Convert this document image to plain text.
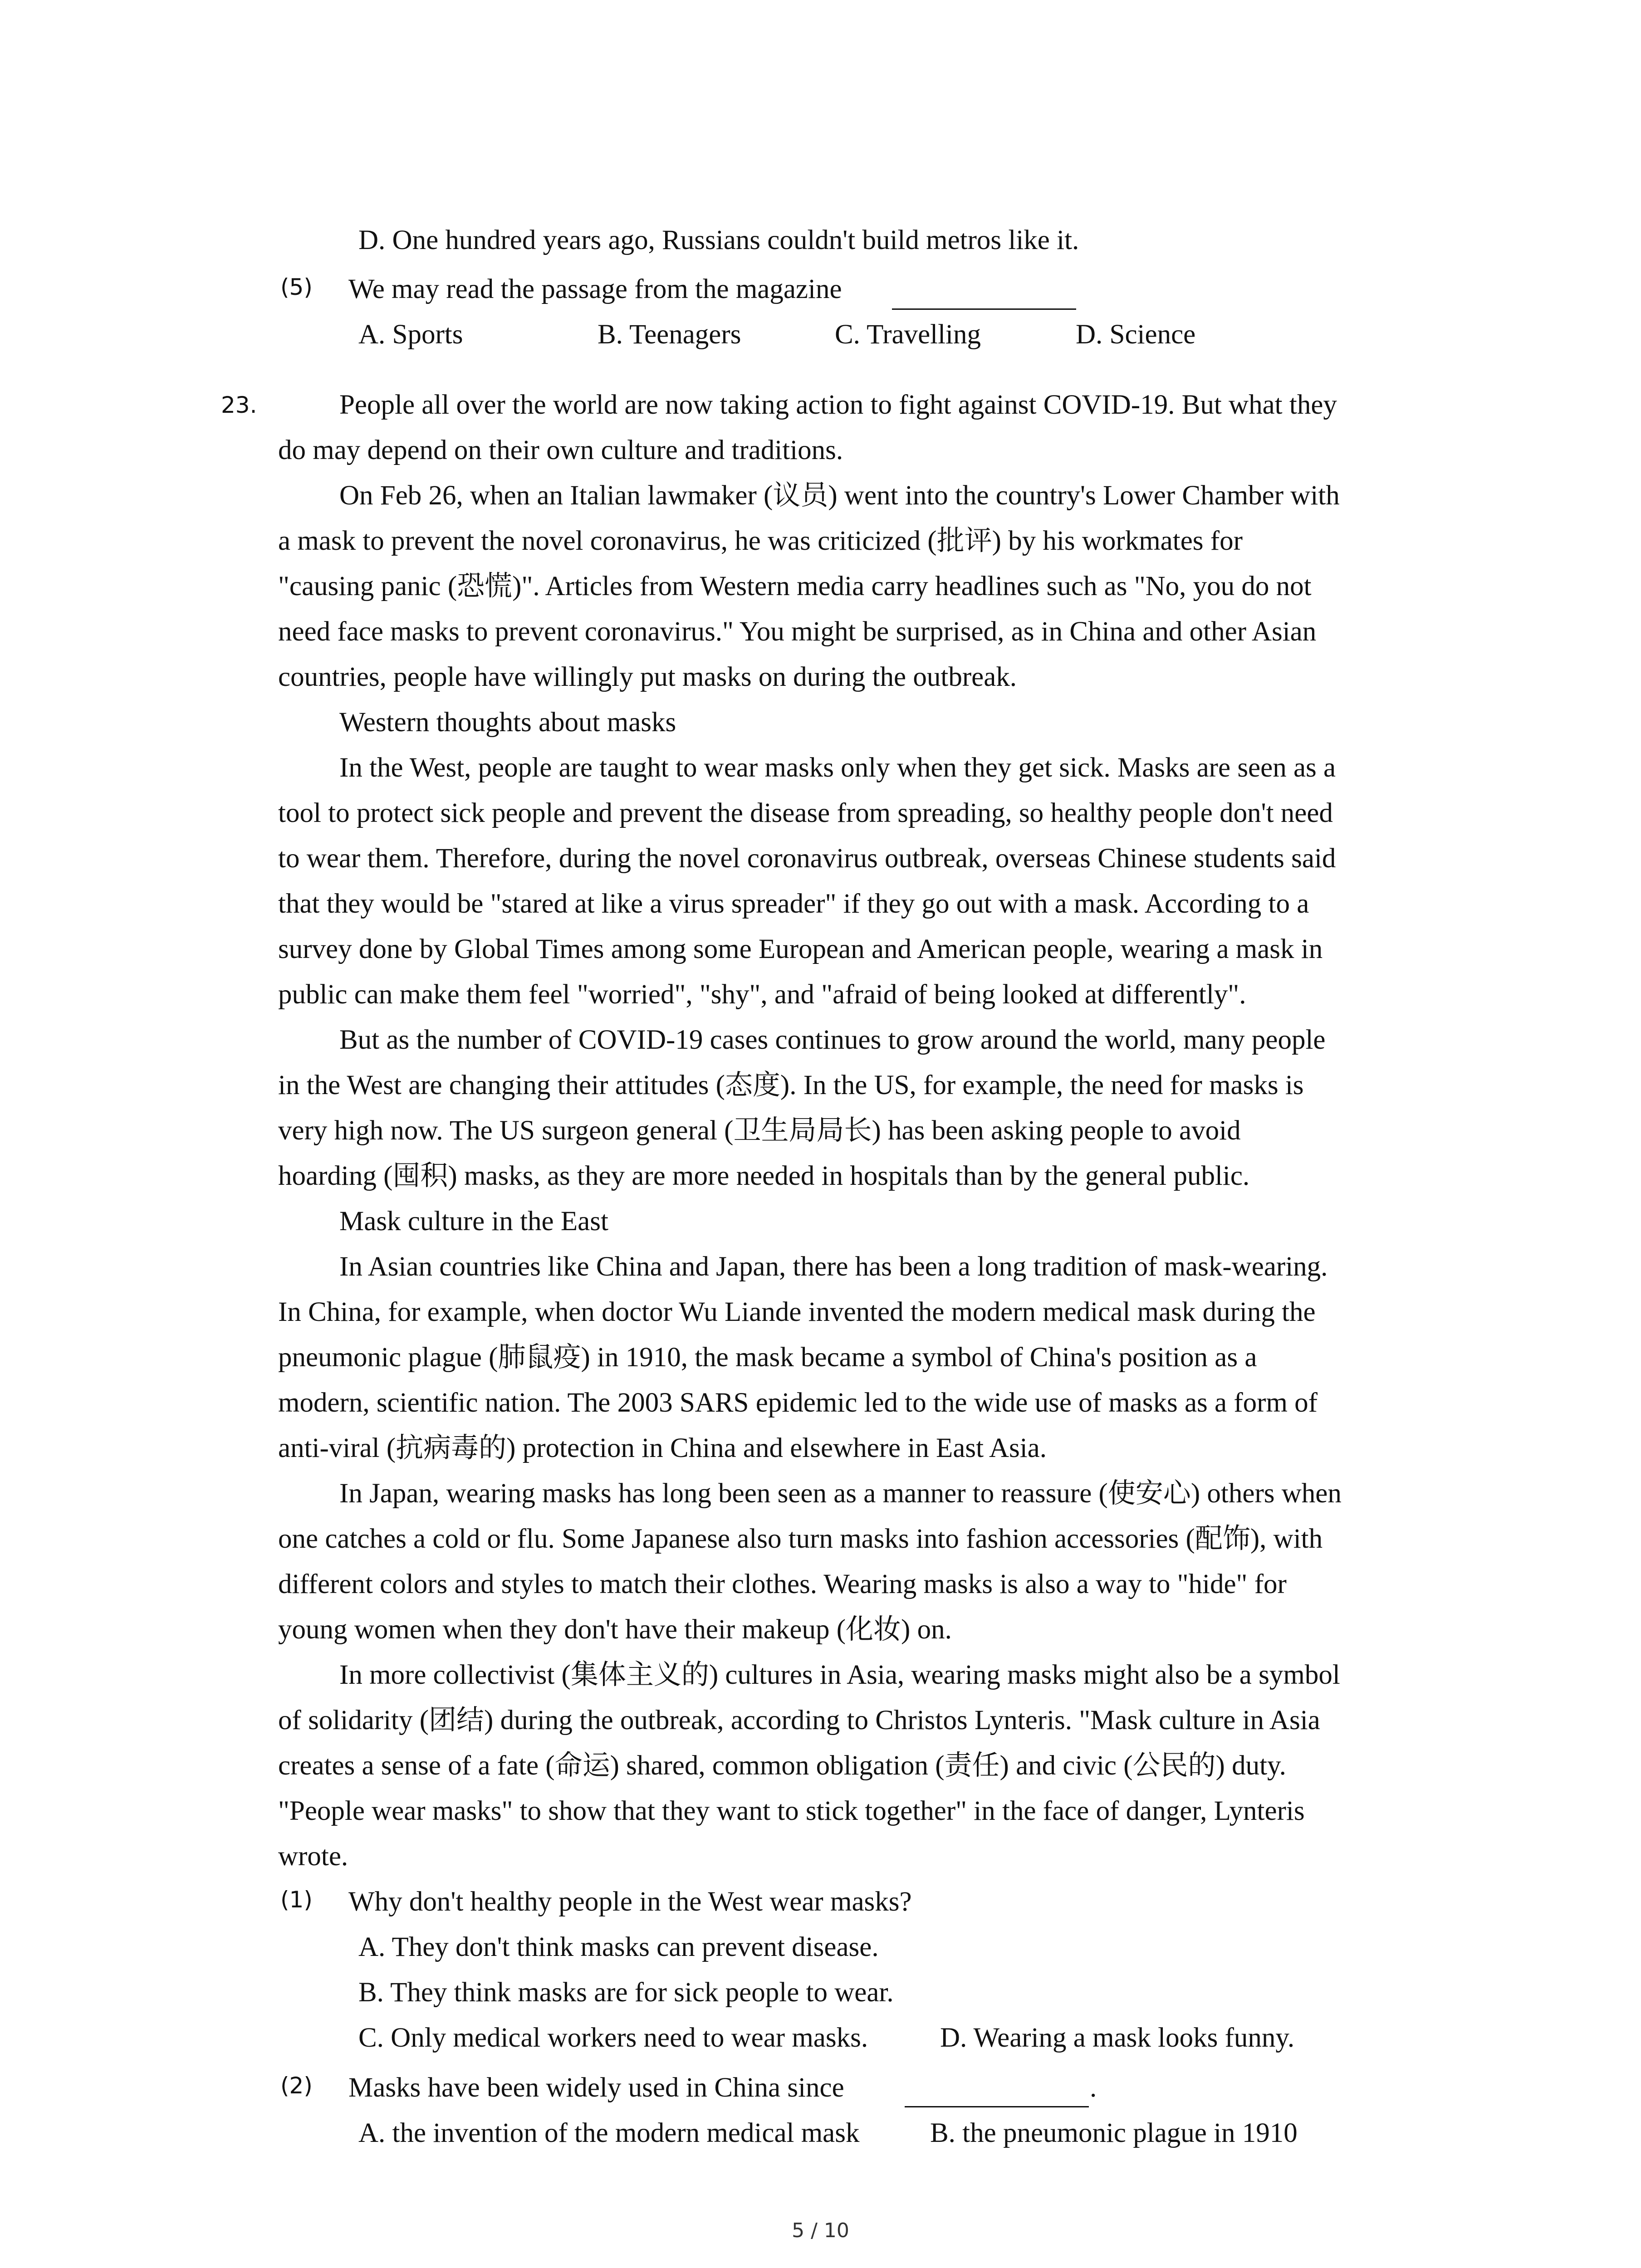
D. One hundred years ago, Russians couldn't build metros like it.
(5) We may read the passage from the magazine
A. Sports	B. Teenagers	C. Travelling	D. Science
23.	People all over the world are now taking action to fight against COVID-19. But what they
do may depend on their own culture and traditions.
On Feb 26, when an Italian lawmaker (议员) went into the country's Lower Chamber with
a mask to prevent the novel coronavirus, he was criticized (批评) by his workmates for
"causing panic (恐慌)". Articles from Western media carry headlines such as "No, you do not
need face masks to prevent coronavirus." You might be surprised, as in China and other Asian
countries, people have willingly put masks on during the outbreak.
Western thoughts about masks
In the West, people are taught to wear masks only when they get sick. Masks are seen as a
tool to protect sick people and prevent the disease from spreading, so healthy people don't need
to wear them. Therefore, during the novel coronavirus outbreak, overseas Chinese students said
that they would be "stared at like a virus spreader" if they go out with a mask. According to a
survey done by Global Times among some European and American people, wearing a mask in
public can make them feel "worried", "shy", and "afraid of being looked at differently".
But as the number of COVID-19 cases continues to grow around the world, many people
in the West are changing their attitudes (态度). In the US, for example, the need for masks is
very high now. The US surgeon general (卫生局局长) has been asking people to avoid
hoarding (囤积) masks, as they are more needed in hospitals than by the general public.
Mask culture in the East
In Asian countries like China and Japan, there has been a long tradition of mask-wearing.
In China, for example, when doctor Wu Liande invented the modern medical mask during the
pneumonic plague (肺鼠疫) in 1910, the mask became a symbol of China's position as a
modern, scientific nation. The 2003 SARS epidemic led to the wide use of masks as a form of
anti-viral (抗病毒的) protection in China and elsewhere in East Asia.
In Japan, wearing masks has long been seen as a manner to reassure (使安心) others when
one catches a cold or flu. Some Japanese also turn masks into fashion accessories (配饰), with
different colors and styles to match their clothes. Wearing masks is also a way to "hide" for
young women when they don't have their makeup (化妆) on.
In more collectivist (集体主义的) cultures in Asia, wearing masks might also be a symbol
of solidarity (团结) during the outbreak, according to Christos Lynteris. "Mask culture in Asia
creates a sense of a fate (命运) shared, common obligation (责任) and civic (公民的) duty.
"People wear masks" to show that they want to stick together" in the face of danger, Lynteris
wrote.
(1) Why don't healthy people in the West wear masks?
A. They don't think masks can prevent disease.
B. They think masks are for sick people to wear.
C. Only medical workers need to wear masks.	D. Wearing a mask looks funny.
(2) Masks have been widely used in China since	.
A. the invention of the modern medical mask	B. the pneumonic plague in 1910
5 / 10
